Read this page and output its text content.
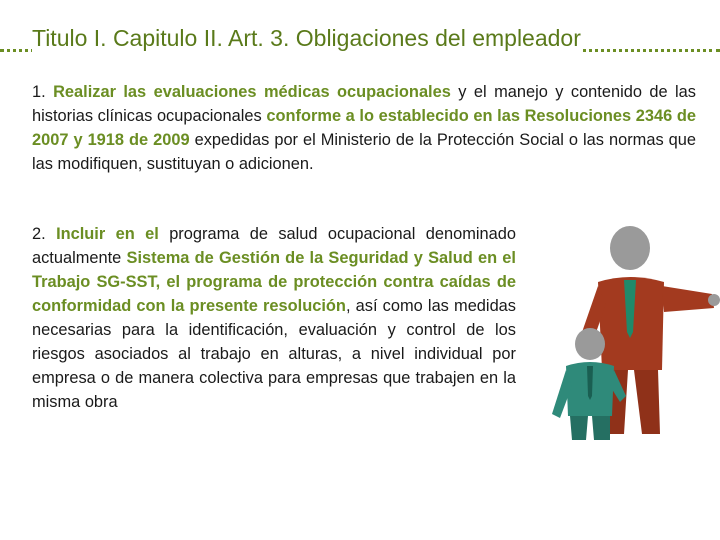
Titulo I. Capitulo II. Art. 3. Obligaciones del empleador

1. Realizar las evaluaciones médicas ocupacionales y el manejo y contenido de las historias clínicas ocupacionales conforme a lo establecido en las Resoluciones 2346 de 2007 y 1918 de 2009 expedidas por el Ministerio de la Protección Social o las normas que las modifiquen, sustituyan o adicionen.

2. Incluir en el programa de salud ocupacional denominado actualmente Sistema de Gestión de la Seguridad y Salud en el Trabajo SG-SST, el programa de protección contra caídas de conformidad con la presente resolución, así como las medidas necesarias para la identificación, evaluación y control de los riesgos asociados al trabajo en alturas, a nivel individual por empresa o de manera colectiva para empresas que trabajen en la misma obra
